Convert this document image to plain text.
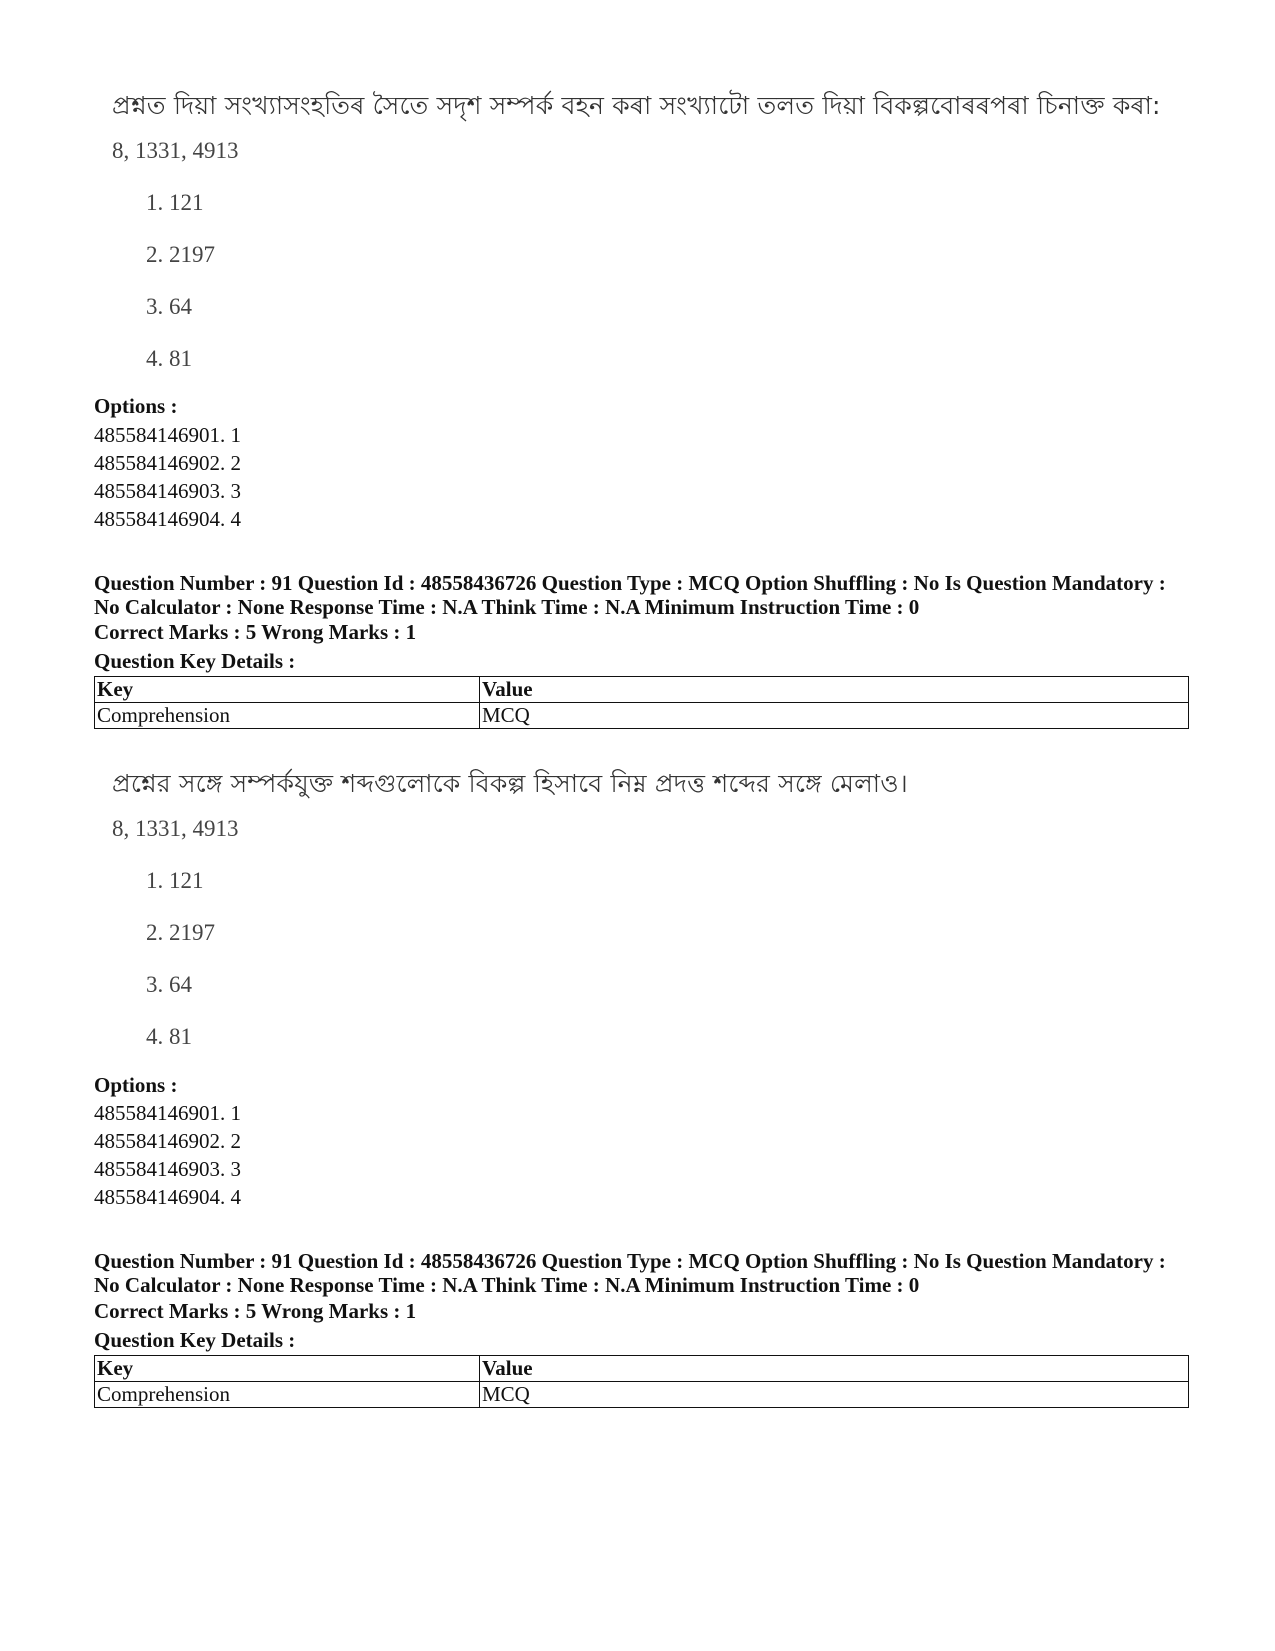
প্ৰশ্নত দিয়া সংখ্যাসংহতিৰ সৈতে সদৃশ সম্পৰ্ক বহন কৰা সংখ্যাটো তলত দিয়া বিকল্পবোৰৰপৰা চিনাক্ত কৰা:
8, 1331, 4913
1. 121
2. 2197
3. 64
4. 81
Options :
485584146901. 1
485584146902. 2
485584146903. 3
485584146904. 4
Question Number : 91 Question Id : 48558436726 Question Type : MCQ Option Shuffling : No Is Question Mandatory :
No Calculator : None Response Time : N.A Think Time : N.A Minimum Instruction Time : 0
Correct Marks : 5 Wrong Marks : 1
Question Key Details :
Key	Value
Comprehension	MCQ
প্রশ্নের সঙ্গে সম্পর্কযুক্ত শব্দগুলোকে বিকল্প হিসাবে নিম্ন প্রদত্ত শব্দের সঙ্গে মেলাও।
8, 1331, 4913
1. 121
2. 2197
3. 64
4. 81
Options :
485584146901. 1
485584146902. 2
485584146903. 3
485584146904. 4
Question Number : 91 Question Id : 48558436726 Question Type : MCQ Option Shuffling : No Is Question Mandatory :
No Calculator : None Response Time : N.A Think Time : N.A Minimum Instruction Time : 0
Correct Marks : 5 Wrong Marks : 1
Question Key Details :
Key	Value
Comprehension	MCQ
